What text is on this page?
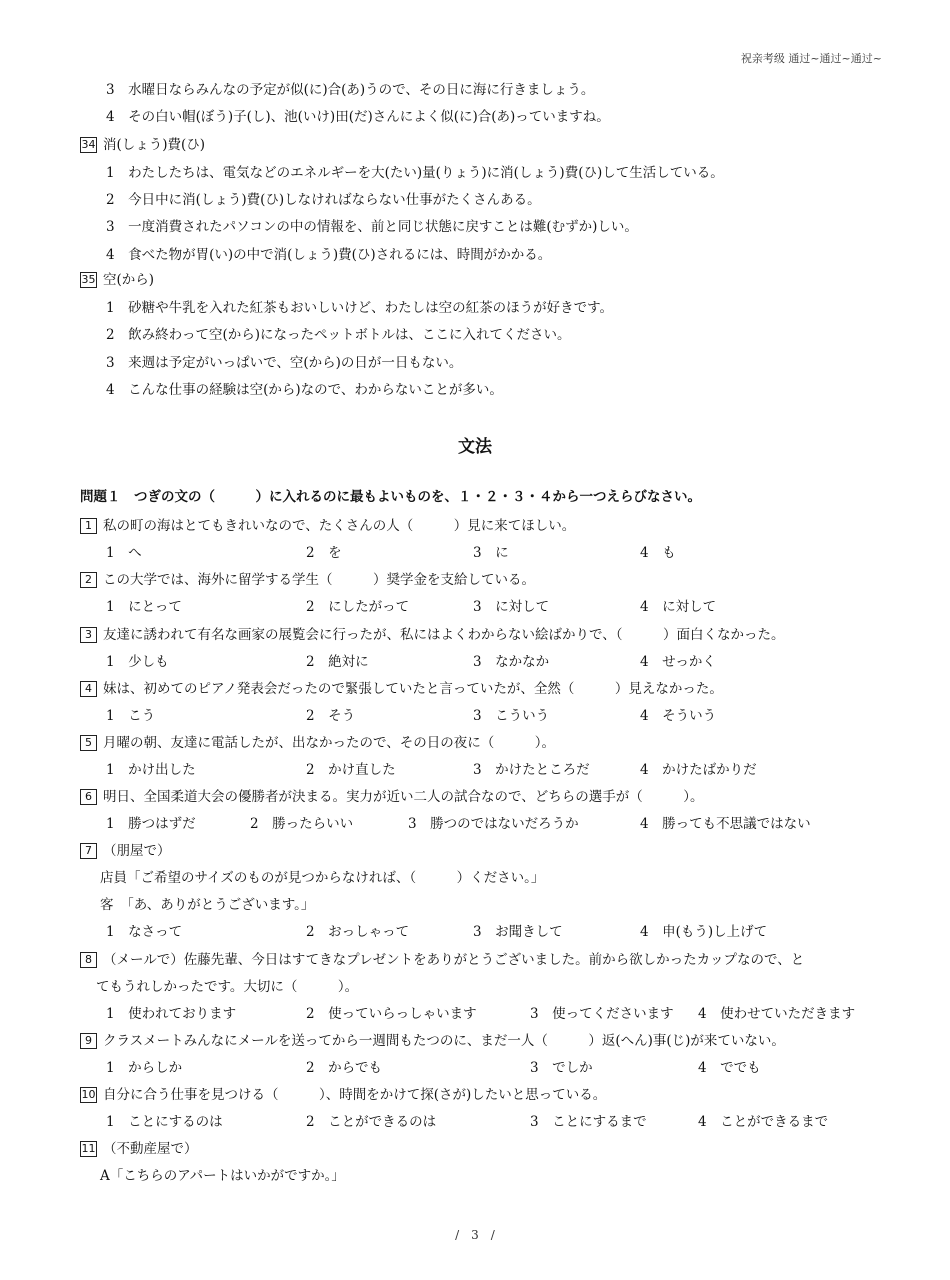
祝亲考级 通过~通过~通过~
3　水曜日ならみんなの予定が似(に)合(あ)うので、その日に海に行きましょう。
4　その白い帽(ぼう)子(し)、池(いけ)田(だ)さんによく似(に)合(あ)っていますね。
34 消(しょう)費(ひ)
1　わたしたちは、電気などのエネルギーを大(たい)量(りょう)に消(しょう)費(ひ)して生活している。
2　今日中に消(しょう)費(ひ)しなければならない仕事がたくさんある。
3　一度消費されたパソコンの中の情報を、前と同じ状態に戻すことは難(むずか)しい。
4　食べた物が胃(い)の中で消(しょう)費(ひ)されるには、時間がかかる。
35 空(から)
1　砂糖や牛乳を入れた紅茶もおいしいけど、わたしは空の紅茶のほうが好きです。
2　飲み終わって空(から)になったペットボトルは、ここに入れてください。
3　来週は予定がいっぱいで、空(から)の日が一日もない。
4　こんな仕事の経験は空(から)なので、わからないことが多い。
文法
問題１　つぎの文の（　　　）に入れるのに最もよいものを、１・２・３・４から一つえらびなさい。
1 私の町の海はとてもきれいなので、たくさんの人（　　　）見に来てほしい。
1　へ	2　を	3　に	4　も
2 この大学では、海外に留学する学生（　　　）奨学金を支給している。
1　にとって	2　にしたがって	3　に対して	4　に対して
3 友達に誘われて有名な画家の展覧会に行ったが、私にはよくわからない絵ばかりで、（　　　）面白くなかった。
1　少しも	2　絶対に	3　なかなか	4　せっかく
4 妹は、初めてのピアノ発表会だったので緊張していたと言っていたが、全然（　　　）見えなかった。
1　こう	2　そう	3　こういう	4　そういう
5 月曜の朝、友達に電話したが、出なかったので、その日の夜に（　　　）。
1　かけ出した	2　かけ直した	3　かけたところだ	4　かけたばかりだ
6 明日、全国柔道大会の優勝者が決まる。実力が近い二人の試合なので、どちらの選手が（　　　）。
1　勝つはずだ	2　勝ったらいい	3　勝つのではないだろうか	4　勝っても不思議ではない
7 （朋屋で）
店員「ご希望のサイズのものが見つからなければ、（　　　）ください。」
客　「あ、ありがとうございます。」
1　なさって	2　おっしゃって	3　お聞きして	4　申(もう)し上げて
8 （メールで）佐藤先輩、今日はすてきなプレゼントをありがとうございました。前から欲しかったカップなので、と
てもうれしかったです。大切に（　　　）。
1　使われております	2　使っていらっしゃいます	3　使ってくださいます 4　使わせていただきます
9 クラスメートみんなにメールを送ってから一週間もたつのに、まだ一人（　　　）返(へん)事(じ)が来ていない。
1　からしか	2　からでも	3　でしか	4　ででも
10 自分に合う仕事を見つける（　　　）、時間をかけて探(さが)したいと思っている。
1　ことにするのは	2　ことができるのは	3　ことにするまで	4　ことができるまで
11 （不動産屋で）
A「こちらのアパートはいかがですか。」
/　3　/
